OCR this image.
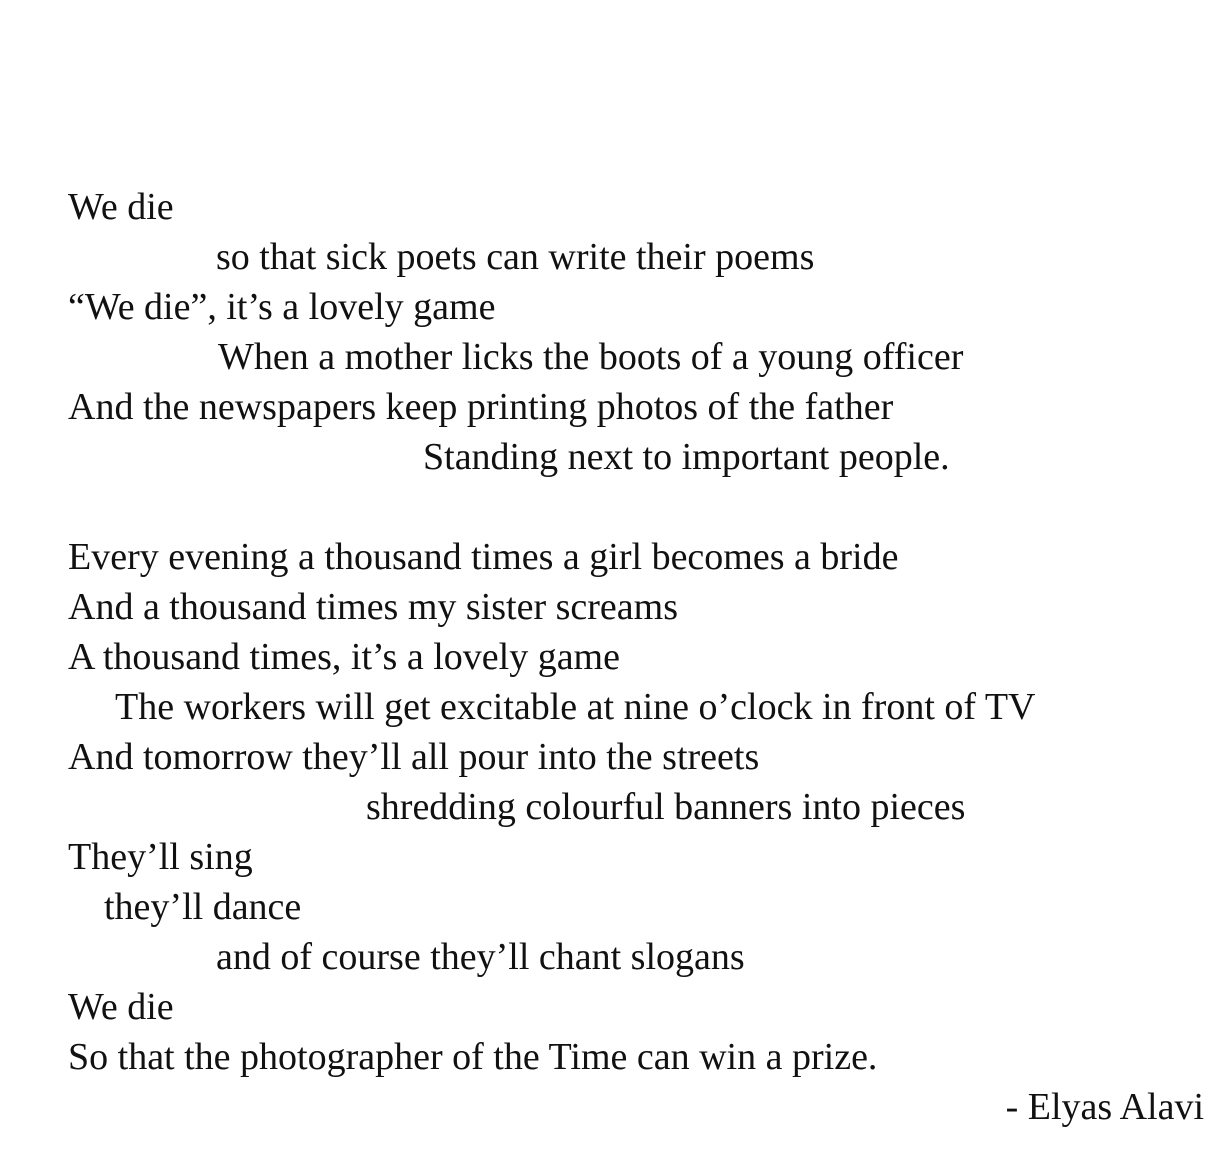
We die
so that sick poets can write their poems
“We die”, it’s a lovely game
When a mother licks the boots of a young officer
And the newspapers keep printing photos of the father
Standing next to important people.
Every evening a thousand times a girl becomes a bride
And a thousand times my sister screams
A thousand times, it’s a lovely game
The workers will get excitable at nine o’clock in front of TV
And tomorrow they’ll all pour into the streets
shredding colourful banners into pieces
They’ll sing
they’ll dance
and of course they’ll chant slogans
We die
So that the photographer of the Time can win a prize.
- Elyas Alavi
